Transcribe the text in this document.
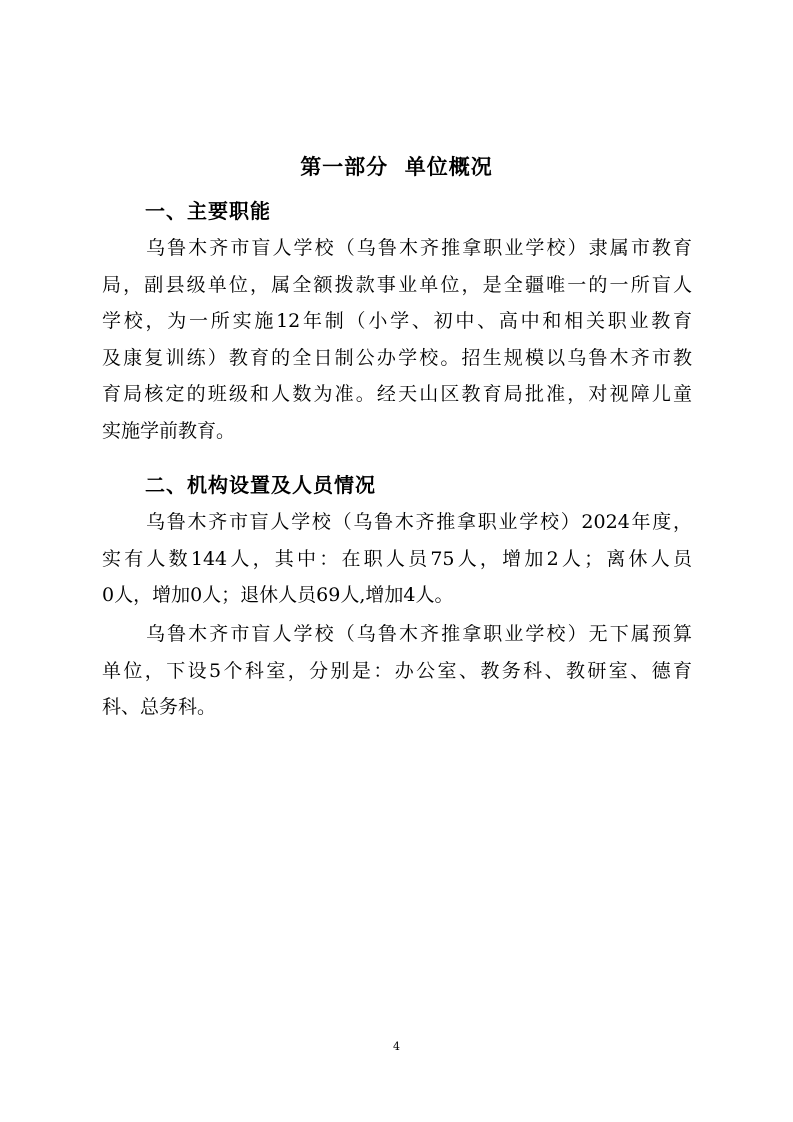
第一部分  单位概况
一、主要职能
乌鲁木齐市盲人学校（乌鲁木齐推拿职业学校）隶属市教育
局，副县级单位，属全额拨款事业单位，是全疆唯一的一所盲人
学校，为一所实施12年制（小学、初中、高中和相关职业教育
及康复训练）教育的全日制公办学校。招生规模以乌鲁木齐市教
育局核定的班级和人数为准。经天山区教育局批准，对视障儿童
实施学前教育。
二、机构设置及人员情况
乌鲁木齐市盲人学校（乌鲁木齐推拿职业学校）2024年度，
实有人数144人，其中：在职人员75人，增加2人；离休人员
0人，增加0人；退休人员69人,增加4人。
乌鲁木齐市盲人学校（乌鲁木齐推拿职业学校）无下属预算
单位，下设5个科室，分别是：办公室、教务科、教研室、德育
科、总务科。
4
